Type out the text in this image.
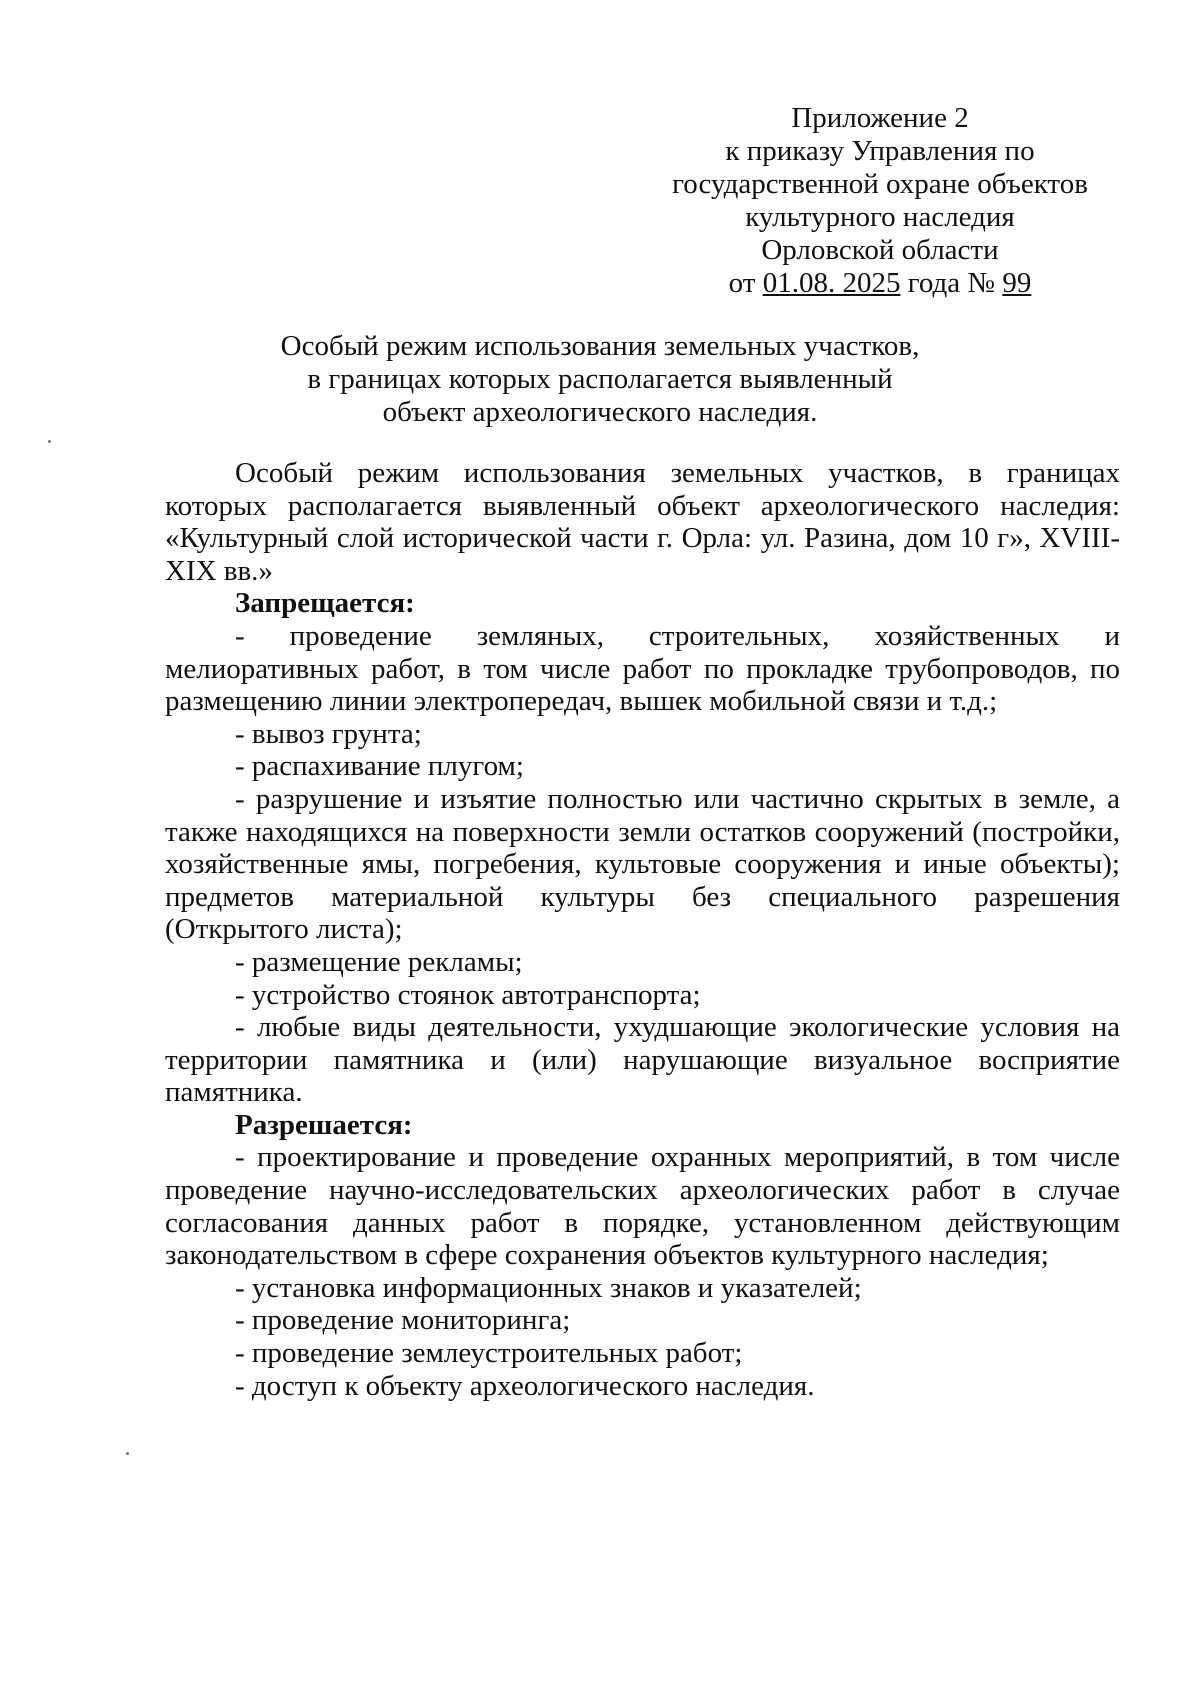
Приложение 2
к приказу Управления по
государственной охране объектов
культурного наследия
Орловской области
от 01.08. 2025 года № 99
Особый режим использования земельных участков,
в границах которых располагается выявленный
объект археологического наследия.

Особый режим использования земельных участков, в границах которых располагается выявленный объект археологического наследия: «Культурный слой исторической части г. Орла: ул. Разина, дом 10 г», XVIII-XIX вв.»

Запрещается:

- проведение земляных, строительных, хозяйственных и мелиоративных работ, в том числе работ по прокладке трубопроводов, по размещению линии электропередач, вышек мобильной связи и т.д.;

- вывоз грунта;

- распахивание плугом;

- разрушение и изъятие полностью или частично скрытых в земле, а также находящихся на поверхности земли остатков сооружений (постройки, хозяйственные ямы, погребения, культовые сооружения и иные объекты); предметов материальной культуры без специального разрешения (Открытого листа);

- размещение рекламы;

- устройство стоянок автотранспорта;

- любые виды деятельности, ухудшающие экологические условия на территории памятника и (или) нарушающие визуальное восприятие памятника.

Разрешается:

- проектирование и проведение охранных мероприятий, в том числе проведение научно-исследовательских археологических работ в случае согласования данных работ в порядке, установленном действующим законодательством в сфере сохранения объектов культурного наследия;

- установка информационных знаков и указателей;

- проведение мониторинга;

- проведение землеустроительных работ;

- доступ к объекту археологического наследия.
